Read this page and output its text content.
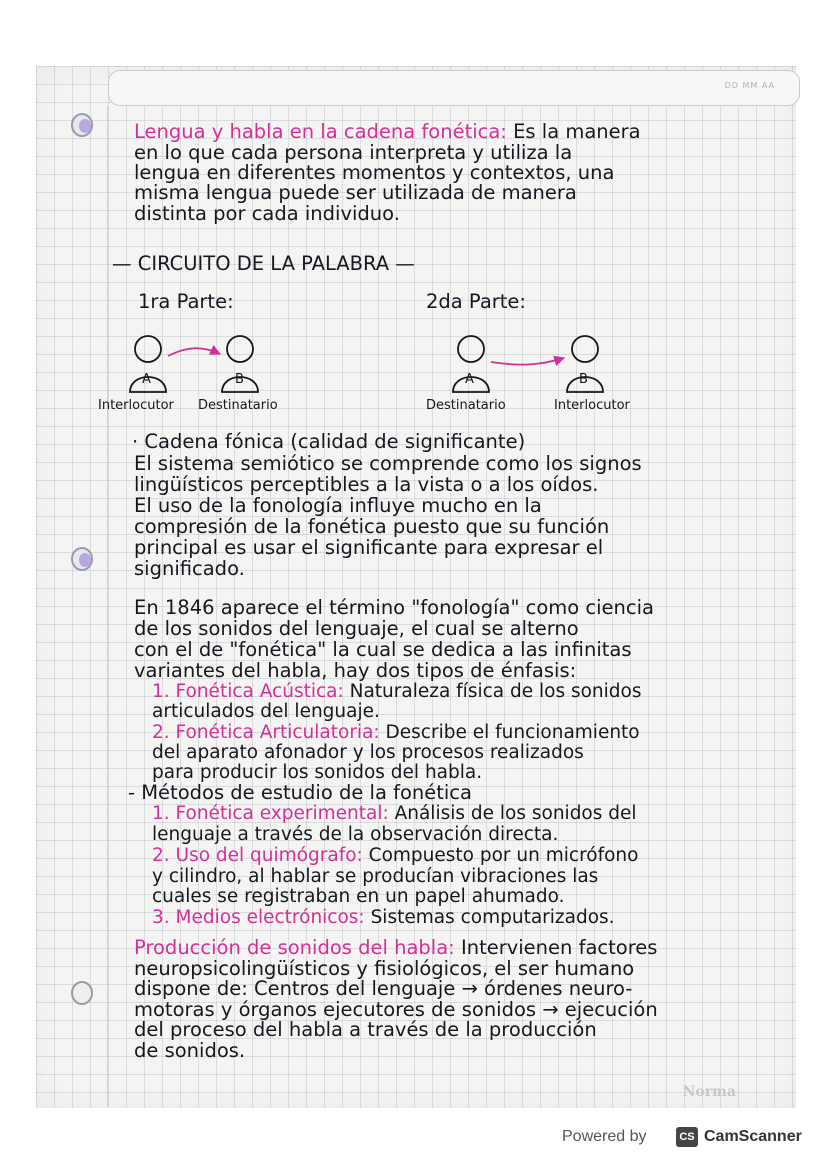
DD MM AA
Lengua y habla en la cadena fonética: Es la manera
en lo que cada persona interpreta y utiliza la
lengua en diferentes momentos y contextos, una
misma lengua puede ser utilizada de manera
distinta por cada individuo.
— CIRCUITO DE LA PALABRA —
1ra Parte:	2da Parte:
A	B	A	B
Interlocutor Destinatario	Destinatario	Interlocutor
· Cadena fónica (calidad de significante)
El sistema semiótico se comprende como los signos
lingüísticos perceptibles a la vista o a los oídos.
El uso de la fonología influye mucho en la
compresión de la fonética puesto que su función
principal es usar el significante para expresar el
significado.
En 1846 aparece el término "fonología" como ciencia
de los sonidos del lenguaje, el cual se alterno
con el de "fonética" la cual se dedica a las infinitas
variantes del habla, hay dos tipos de énfasis:
1. Fonética Acústica: Naturaleza física de los sonidos
articulados del lenguaje.
2. Fonética Articulatoria: Describe el funcionamiento
del aparato afonador y los procesos realizados
para producir los sonidos del habla.
- Métodos de estudio de la fonética
1. Fonética experimental: Análisis de los sonidos del
lenguaje a través de la observación directa.
2. Uso del quimógrafo: Compuesto por un micrófono
y cilindro, al hablar se producían vibraciones las
cuales se registraban en un papel ahumado.
3. Medios electrónicos: Sistemas computarizados.
Producción de sonidos del habla: Intervienen factores
neuropsicolingüísticos y fisiológicos, el ser humano
dispone de: Centros del lenguaje → órdenes neuro-
motoras y órganos ejecutores de sonidos → ejecución
del proceso del habla a través de la producción
de sonidos.
Norma
Powered by	CS CamScanner
